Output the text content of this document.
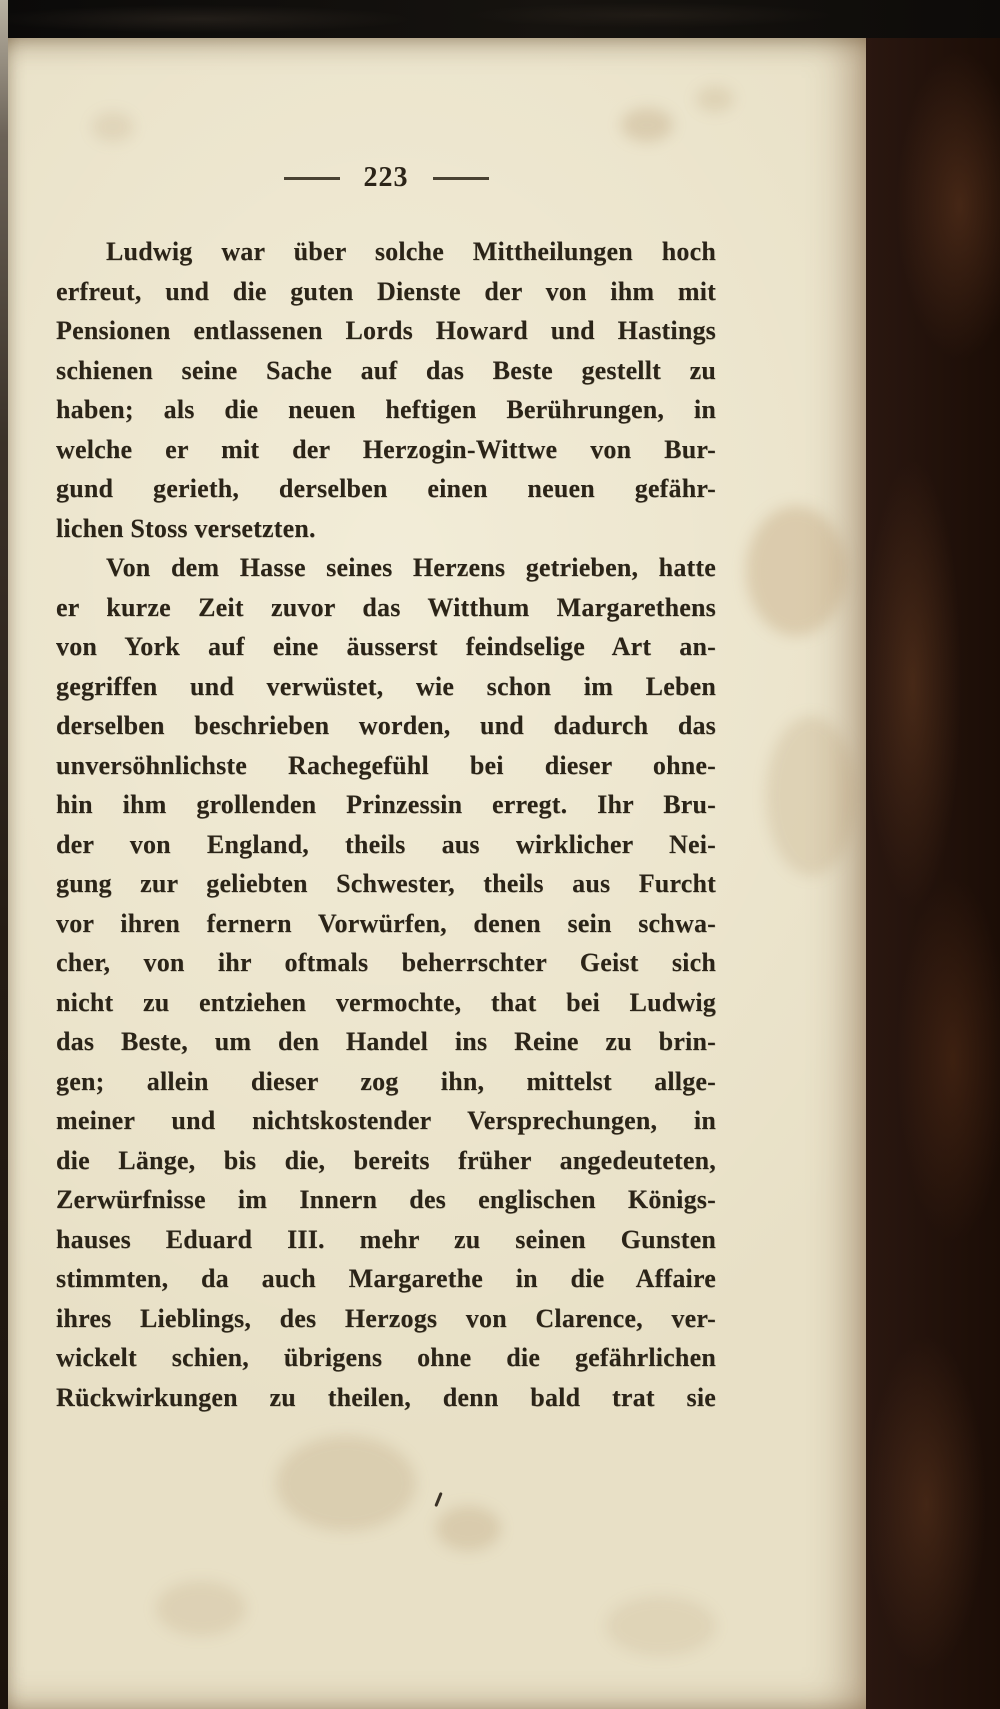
223
Ludwig war über solche Mittheilungen hoch
erfreut, und die guten Dienste der von ihm mit
Pensionen entlassenen Lords Howard und Hastings
schienen seine Sache auf das Beste gestellt zu
haben; als die neuen heftigen Berührungen, in
welche er mit der Herzogin-Wittwe von Bur-
gund gerieth, derselben einen neuen gefähr-
lichen Stoss versetzten.
Von dem Hasse seines Herzens getrieben, hatte
er kurze Zeit zuvor das Witthum Margarethens
von York auf eine äusserst feindselige Art an-
gegriffen und verwüstet, wie schon im Leben
derselben beschrieben worden, und dadurch das
unversöhnlichste Rachegefühl bei dieser ohne-
hin ihm grollenden Prinzessin erregt. Ihr Bru-
der von England, theils aus wirklicher Nei-
gung zur geliebten Schwester, theils aus Furcht
vor ihren fernern Vorwürfen, denen sein schwa-
cher, von ihr oftmals beherrschter Geist sich
nicht zu entziehen vermochte, that bei Ludwig
das Beste, um den Handel ins Reine zu brin-
gen; allein dieser zog ihn, mittelst allge-
meiner und nichtskostender Versprechungen, in
die Länge, bis die, bereits früher angedeuteten,
Zerwürfnisse im Innern des englischen Königs-
hauses Eduard III. mehr zu seinen Gunsten
stimmten, da auch Margarethe in die Affaire
ihres Lieblings, des Herzogs von Clarence, ver-
wickelt schien, übrigens ohne die gefährlichen
Rückwirkungen zu theilen, denn bald trat sie
